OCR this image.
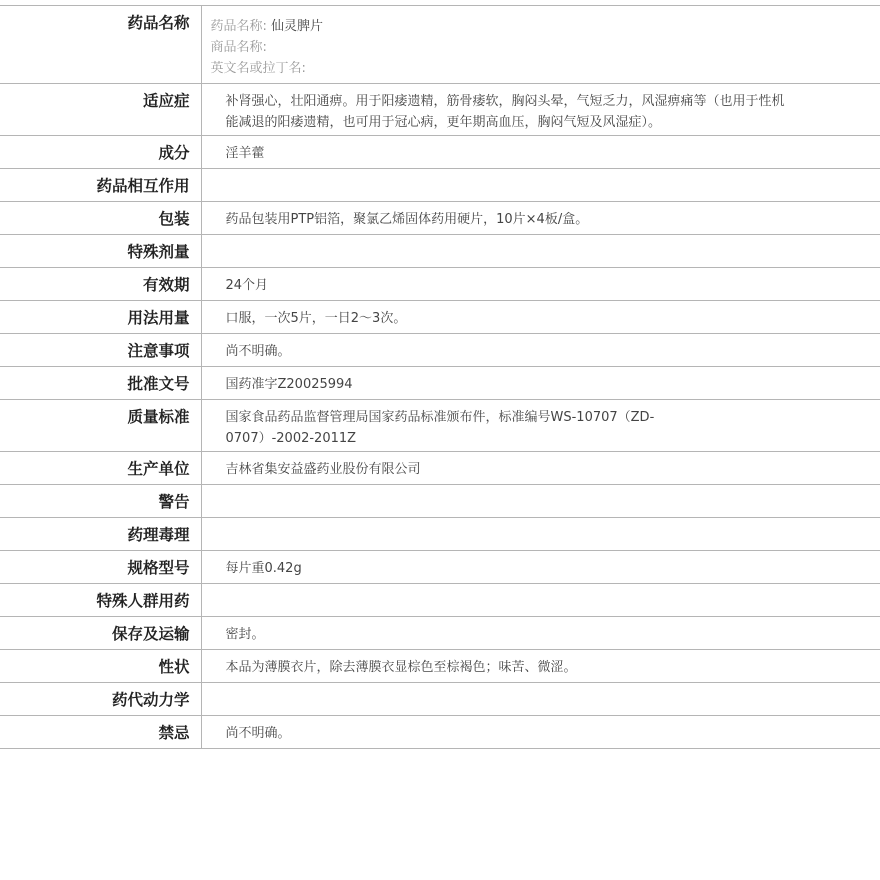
药品名称	药品名称: 仙灵脾片
商品名称:
英文名或拉丁名:

适应症	补肾强心，壮阳通痹。用于阳痿遗精，筋骨痿软，胸闷头晕，气短乏力，风湿痹痛等（也用于性机能减退的阳痿遗精，也可用于冠心病，更年期高血压，胸闷气短及风湿症）。

成分	淫羊藿
药品相互作用	
包装	药品包装用PTP铝箔，聚氯乙烯固体药用硬片，10片×4板/盒。
特殊剂量	
有效期	24个月
用法用量	口服，一次5片，一日2～3次。
注意事项	尚不明确。
批准文号	国药准字Z20025994
质量标准	国家食品药品监督管理局国家药品标准颁布件，标准编号WS-10707（ZD-0707）-2002-2011Z

生产单位	吉林省集安益盛药业股份有限公司
警告	
药理毒理	
规格型号	每片重0.42g
特殊人群用药	
保存及运输	密封。
性状	本品为薄膜衣片，除去薄膜衣显棕色至棕褐色；味苦、微涩。
药代动力学	
禁忌	尚不明确。
